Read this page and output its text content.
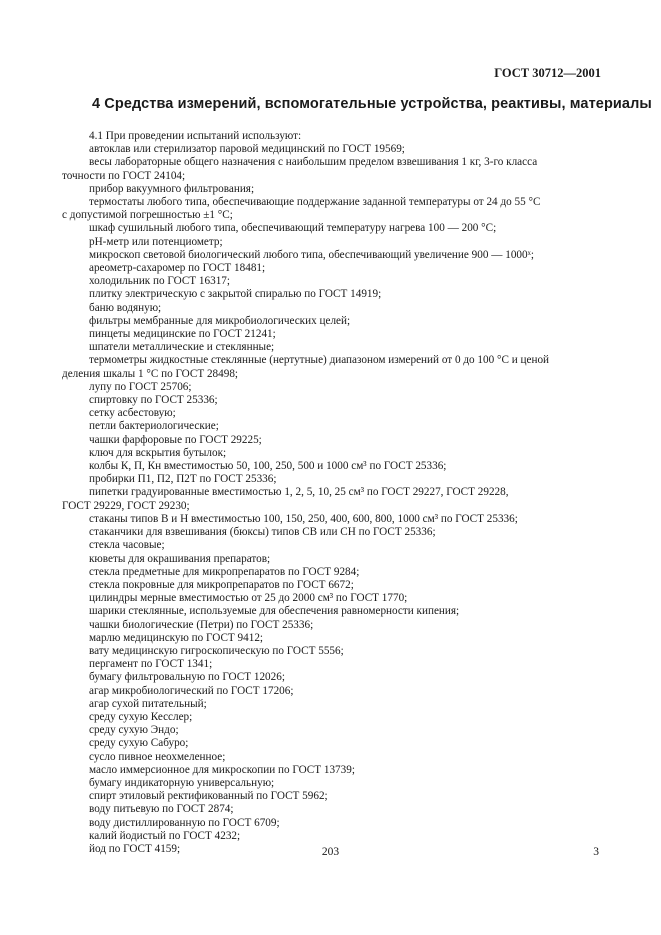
ГОСТ 30712—2001
4 Средства измерений, вспомогательные устройства, реактивы, материалы

4.1 При проведении испытаний используют:

автоклав или стерилизатор паровой медицинский по ГОСТ 19569;

весы лабораторные общего назначения с наибольшим пределом взвешивания 1 кг, 3-го класса

точности по ГОСТ 24104;

прибор вакуумного фильтрования;

термостаты любого типа, обеспечивающие поддержание заданной температуры от 24 до 55 °С

с допустимой погрешностью ±1 °С;

шкаф сушильный любого типа, обеспечивающий температуру нагрева 100 — 200 °С;

pH-метр или потенциометр;

микроскоп световой биологический любого типа, обеспечивающий увеличение 900 — 1000ˣ;

ареометр-сахаромер по ГОСТ 18481;

холодильник по ГОСТ 16317;

плитку электрическую с закрытой спиралью по ГОСТ 14919;

баню водяную;

фильтры мембранные для микробиологических целей;

пинцеты медицинские по ГОСТ 21241;

шпатели металлические и стеклянные;

термометры жидкостные стеклянные (нертутные) диапазоном измерений от 0 до 100 °С и ценой

деления шкалы 1 °С по ГОСТ 28498;

лупу по ГОСТ 25706;

спиртовку по ГОСТ 25336;

сетку асбестовую;

петли бактериологические;

чашки фарфоровые по ГОСТ 29225;

ключ для вскрытия бутылок;

колбы К, П, Кн вместимостью 50, 100, 250, 500 и 1000 см³ по ГОСТ 25336;

пробирки П1, П2, П2Т по ГОСТ 25336;

пипетки градуированные вместимостью 1, 2, 5, 10, 25 см³ по ГОСТ 29227, ГОСТ 29228,

ГОСТ 29229, ГОСТ 29230;

стаканы типов В и Н вместимостью 100, 150, 250, 400, 600, 800, 1000 см³ по ГОСТ 25336;

стаканчики для взвешивания (бюксы) типов СВ или СН по ГОСТ 25336;

стекла часовые;

кюветы для окрашивания препаратов;

стекла предметные для микропрепаратов по ГОСТ 9284;

стекла покровные для микропрепаратов по ГОСТ 6672;

цилиндры мерные вместимостью от 25 до 2000 см³ по ГОСТ 1770;

шарики стеклянные, используемые для обеспечения равномерности кипения;

чашки биологические (Петри) по ГОСТ 25336;

марлю медицинскую по ГОСТ 9412;

вату медицинскую гигроскопическую по ГОСТ 5556;

пергамент по ГОСТ 1341;

бумагу фильтровальную по ГОСТ 12026;

агар микробиологический по ГОСТ 17206;

агар сухой питательный;

среду сухую Кесслер;

среду сухую Эндо;

среду сухую Сабуро;

сусло пивное неохмеленное;

масло иммерсионное для микроскопии по ГОСТ 13739;

бумагу индикаторную универсальную;

спирт этиловый ректификованный по ГОСТ 5962;

воду питьевую по ГОСТ 2874;

воду дистиллированную по ГОСТ 6709;

калий йодистый по ГОСТ 4232;

йод по ГОСТ 4159;	203	3
